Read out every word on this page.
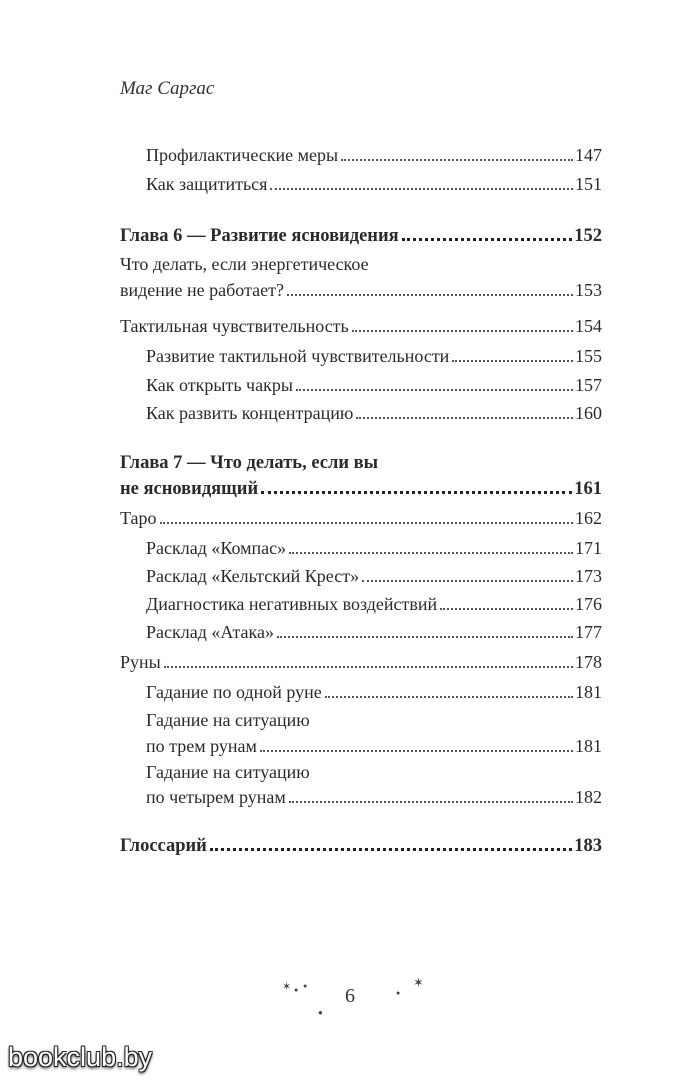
Маг Саргас
Профилактические меры	147
Как защититься	151
Глава 6 — Развитие ясновидения	152
Что делать, если энергетическое
видение не работает?	153
Тактильная чувствительность	154
Развитие тактильной чувствительности	155
Как открыть чакры	157
Как развить концентрацию	160
Глава 7 — Что делать, если вы
не ясновидящий	161
Таро	162
Расклад «Компас»	171
Расклад «Кельтский Крест»	173
Диагностика негативных воздействий	176
Расклад «Атака»	177
Руны	178
Гадание по одной руне	181
Гадание на ситуацию
по трем рунам	181
Гадание на ситуацию
по четырем рунам	182
Глоссарий	183
6
✶ ● ●
●
●
✶
bookclub.by
